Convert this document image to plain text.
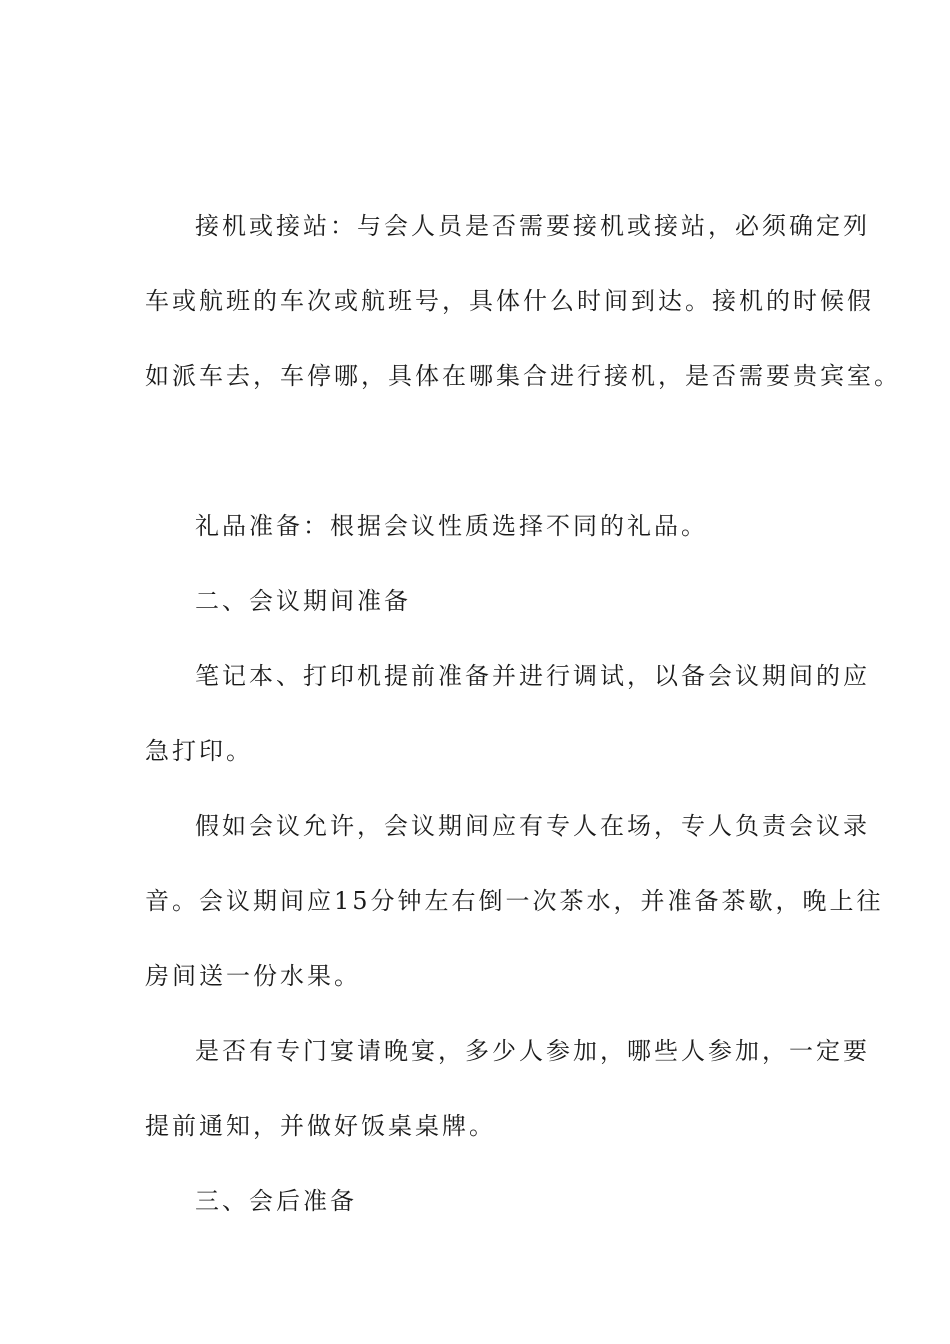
接机或接站：与会人员是否需要接机或接站，必须确定列
车或航班的车次或航班号，具体什么时间到达。接机的时候假
如派车去，车停哪，具体在哪集合进行接机，是否需要贵宾室。
礼品准备：根据会议性质选择不同的礼品。
二、会议期间准备
笔记本、打印机提前准备并进行调试，以备会议期间的应
急打印。
假如会议允许，会议期间应有专人在场，专人负责会议录
音。会议期间应15分钟左右倒一次茶水，并准备茶歇，晚上往
房间送一份水果。
是否有专门宴请晚宴，多少人参加，哪些人参加，一定要
提前通知，并做好饭桌桌牌。
三、会后准备
